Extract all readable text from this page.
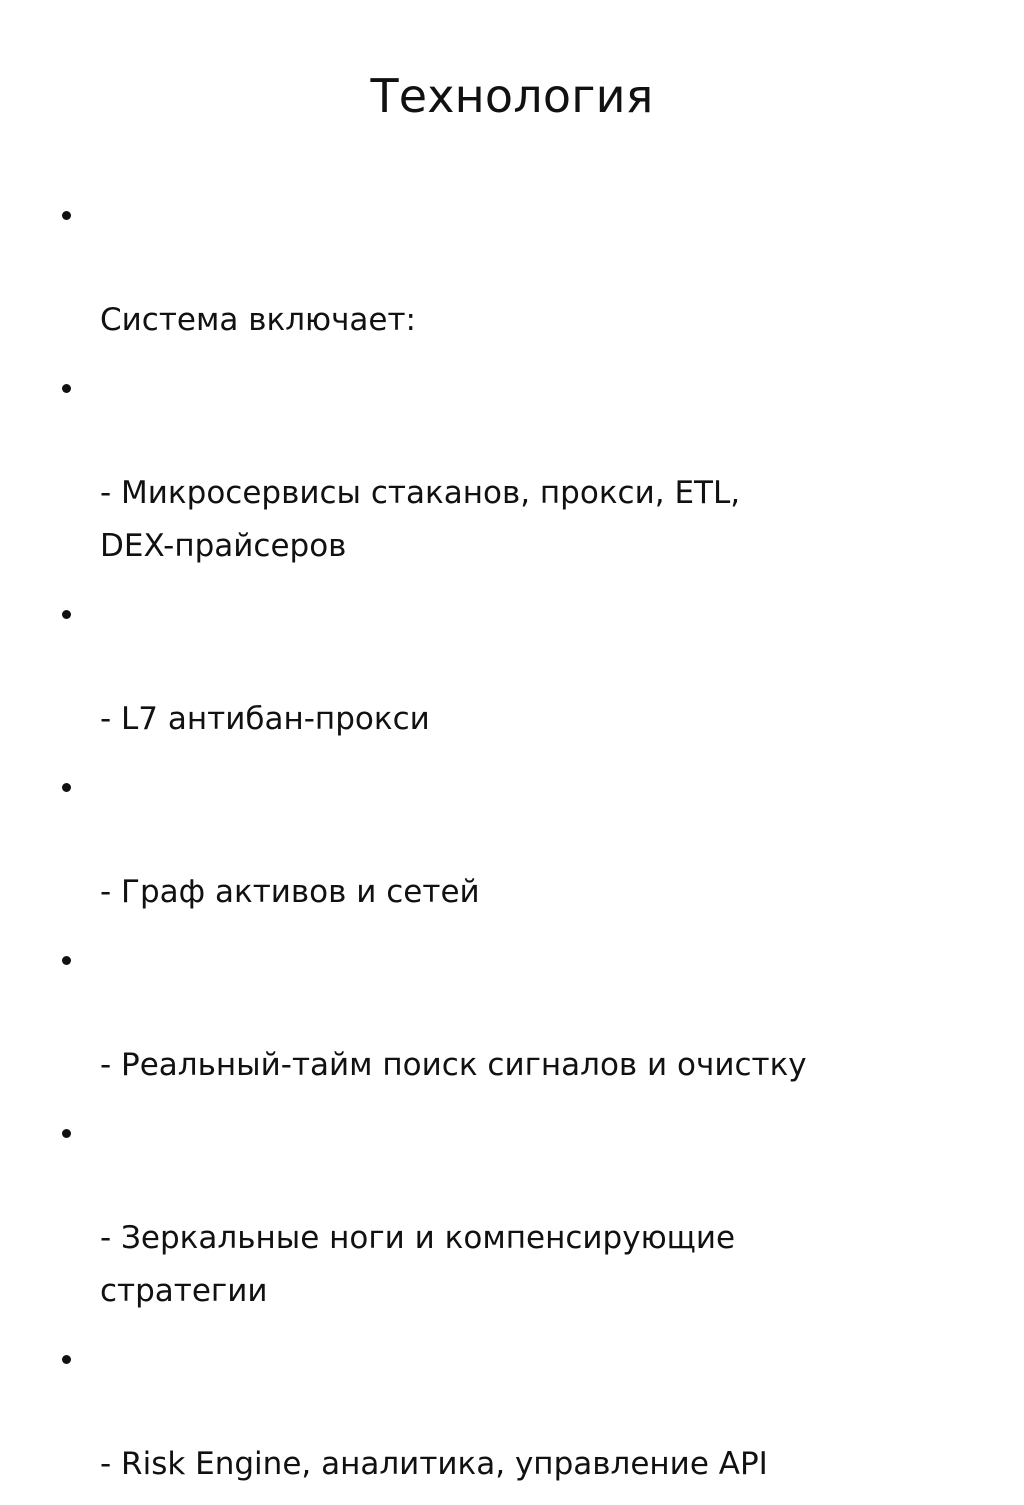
Технология

Система включает:

- Микросервисы стаканов, прокси, ETL,
DEX-прайсеров

- L7 антибан-прокси

- Граф активов и сетей

- Реальный-тайм поиск сигналов и очистку

- Зеркальные ноги и компенсирующие
стратегии

- Risk Engine, аналитика, управление API
